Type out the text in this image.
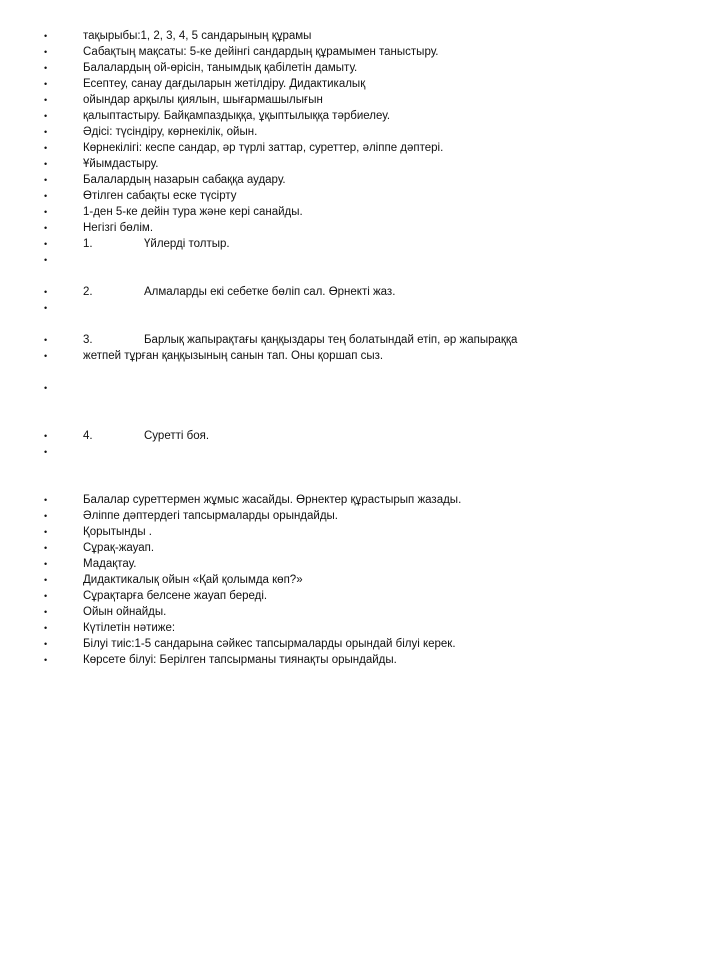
•	тақырыбы:1, 2, 3, 4, 5 сандарының құрамы
•	Сабақтың мақсаты: 5-ке дейінгі сандардың құрамымен таныстыру.
•	Балалардың ой-өрісін, танымдық қабілетін дамыту.
•	Есептеу, санау дағдыларын жетілдіру. Дидактикалық
•	ойындар арқылы қиялын, шығармашылығын
•	қалыптастыру. Байқампаздыққа, ұқыптылыққа тәрбиелеу.
•	Әдісі: түсіндіру, көрнекілік, ойын.
•	Көрнекілігі: кеспе сандар, әр түрлі заттар, суреттер, әліппе дәптері.
•	Ұйымдастыру.
•	Балалардың назарын сабаққа аудару.
•	Өтілген сабақты еске түсірту
•	1-ден 5-ке дейін тура және кері санайды.
•	Негізгі бөлім.
•	1.	Үйлерді толтыр.
•
•	2.	Алмаларды екі себетке бөліп сал. Өрнекті жаз.
•
•	3.	Барлық жапырақтағы қаңқыздары тең болатындай етіп, әр жапыраққа
•	жетпей тұрған қаңқызының санын тап. Оны қоршап сыз.
•
•	4.	Суретті боя.
•
•	Балалар суреттермен жұмыс жасайды. Өрнектер құрастырып жазады.
•	Әліппе дәптердегі тапсырмаларды орындайды.
•	Қорытынды .
•	Сұрақ-жауап.
•	Мадақтау.
•	Дидактикалық ойын «Қай қолымда көп?»
•	Сұрақтарға белсене жауап береді.
•	Ойын ойнайды.
•	Күтілетін нәтиже:
•	Білуі тиіс:1-5 сандарына сәйкес тапсырмаларды орындай білуі керек.
•	Көрсете білуі: Берілген тапсырманы тиянақты орындайды.
